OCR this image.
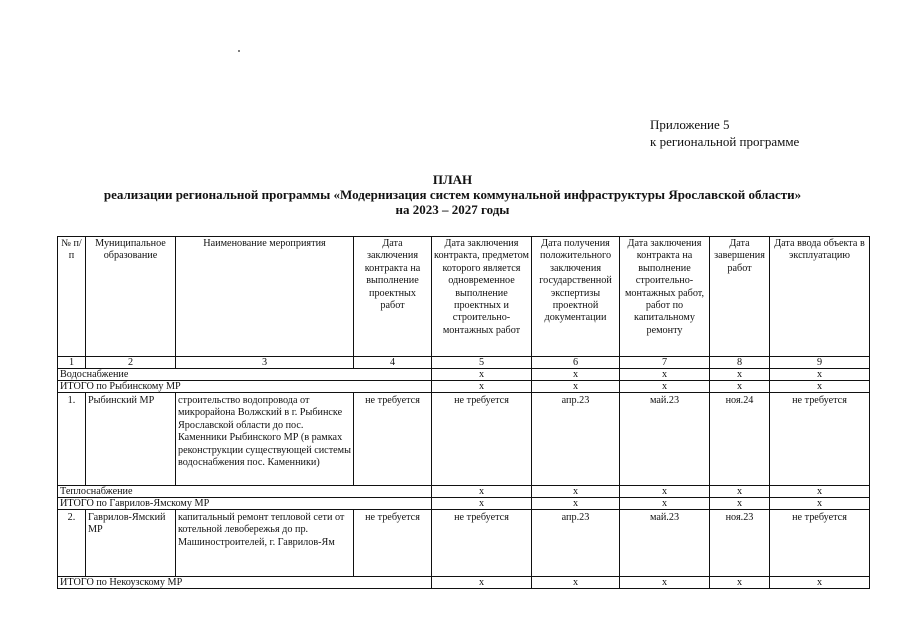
Приложение 5
к региональной программе
ПЛАН
реализации региональной программы «Модернизация систем коммунальной инфраструктуры Ярославской области»
на 2023 – 2027 годы
№ п/п	Муниципальное образование	Наименование мероприятия	Дата заключения контракта на выполнение проектных работ	Дата заключения контракта, предметом которого является одновременное выполнение проектных и строительно-монтажных работ	Дата получения положительного заключения государственной экспертизы проектной документации	Дата заключения контракта на выполнение строительно-монтажных работ, работ по капитальному ремонту	Дата завершения работ	Дата ввода объекта в эксплуатацию
1	2	3	4	5	6	7	8	9
Водоснабжение				x	x	x	x	x
ИТОГО по Рыбинскому МР				x	x	x	x	x
1.	Рыбинский МР	строительство водопровода от микрорайона Волжский в г. Рыбинске Ярославской области до пос. Каменники Рыбинского МР (в рамках реконструкции существующей системы водоснабжения пос. Каменники)	не требуется	не требуется	апр.23	май.23	ноя.24	не требуется
Теплоснабжение				x	x	x	x	x
ИТОГО по Гаврилов-Ямскому МР				x	x	x	x	x
2.	Гаврилов-Ямский МР	капитальный ремонт тепловой сети от котельной левобережья до пр. Машиностроителей, г. Гаврилов-Ям	не требуется	не требуется	апр.23	май.23	ноя.23	не требуется
ИТОГО по Некоузскому МР				x	x	x	x	x
